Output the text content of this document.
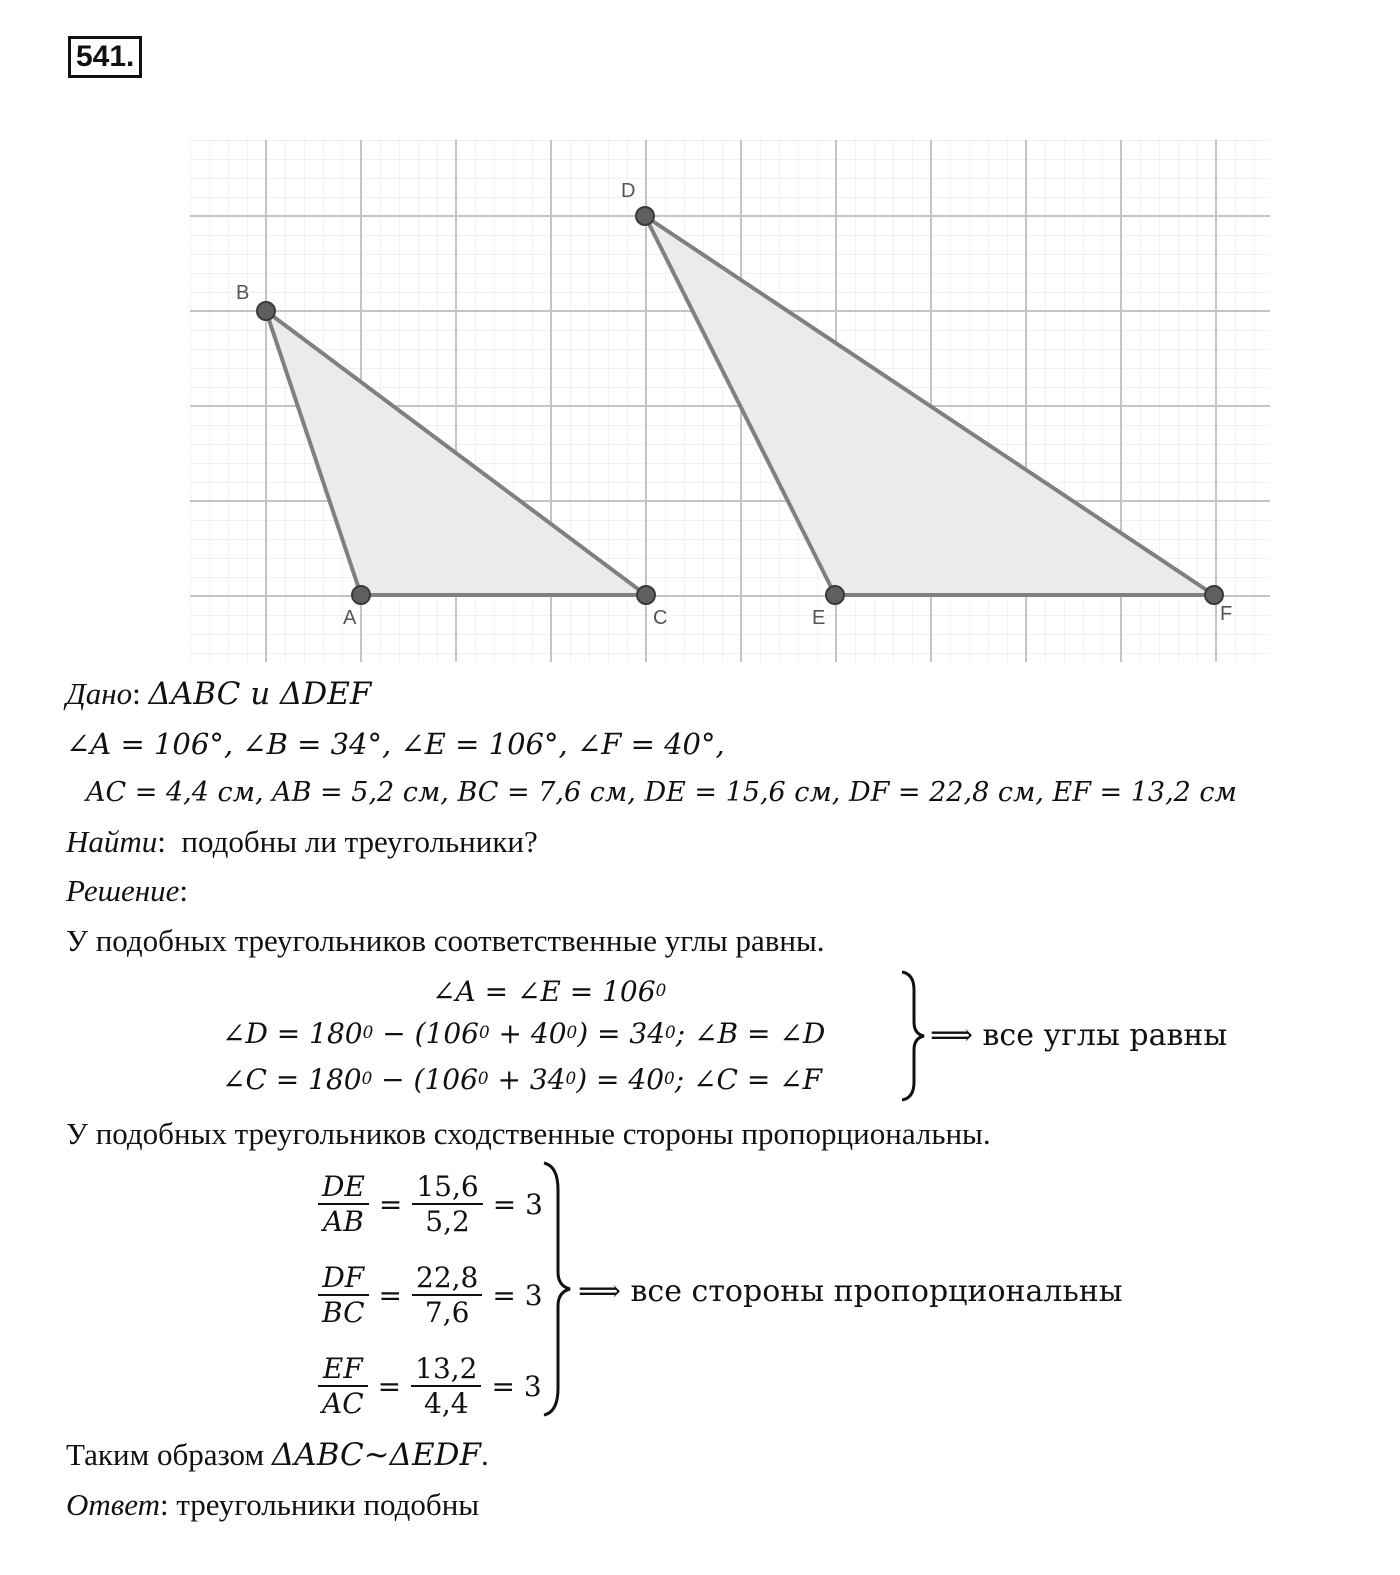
541.
A
B
C
D
E	F
Дано: ΔABC и ΔDEF
∠A = 106°, ∠B = 34°, ∠E = 106°, ∠F = 40°,
AC = 4,4 см, AB = 5,2 см, BC = 7,6 см, DE = 15,6 см, DF = 22,8 см, EF = 13,2 см
Найти:  подобны ли треугольники?
Решение:
У подобных треугольников соответственные углы равны.
∠A = ∠E = $106^0$
∠D = $180^0 - (106^0 + 40^0) = 34^0$; ∠B = ∠D
∠C = $180^0 - (106^0 + 34^0) = 40^0$; ∠C = ∠F
⟹ все углы равны
У подобных треугольников сходственные стороны пропорциональны.
$\frac{DE}{AB} = \frac{15,6}{5,2} = 3$
$\frac{DF}{BC} = \frac{22,8}{7,6} = 3$
$\frac{EF}{AC} = \frac{13,2}{4,4} = 3$
⟹ все стороны пропорциональны
Таким образом ΔABC~ΔEDF.
Ответ: треугольники подобны
